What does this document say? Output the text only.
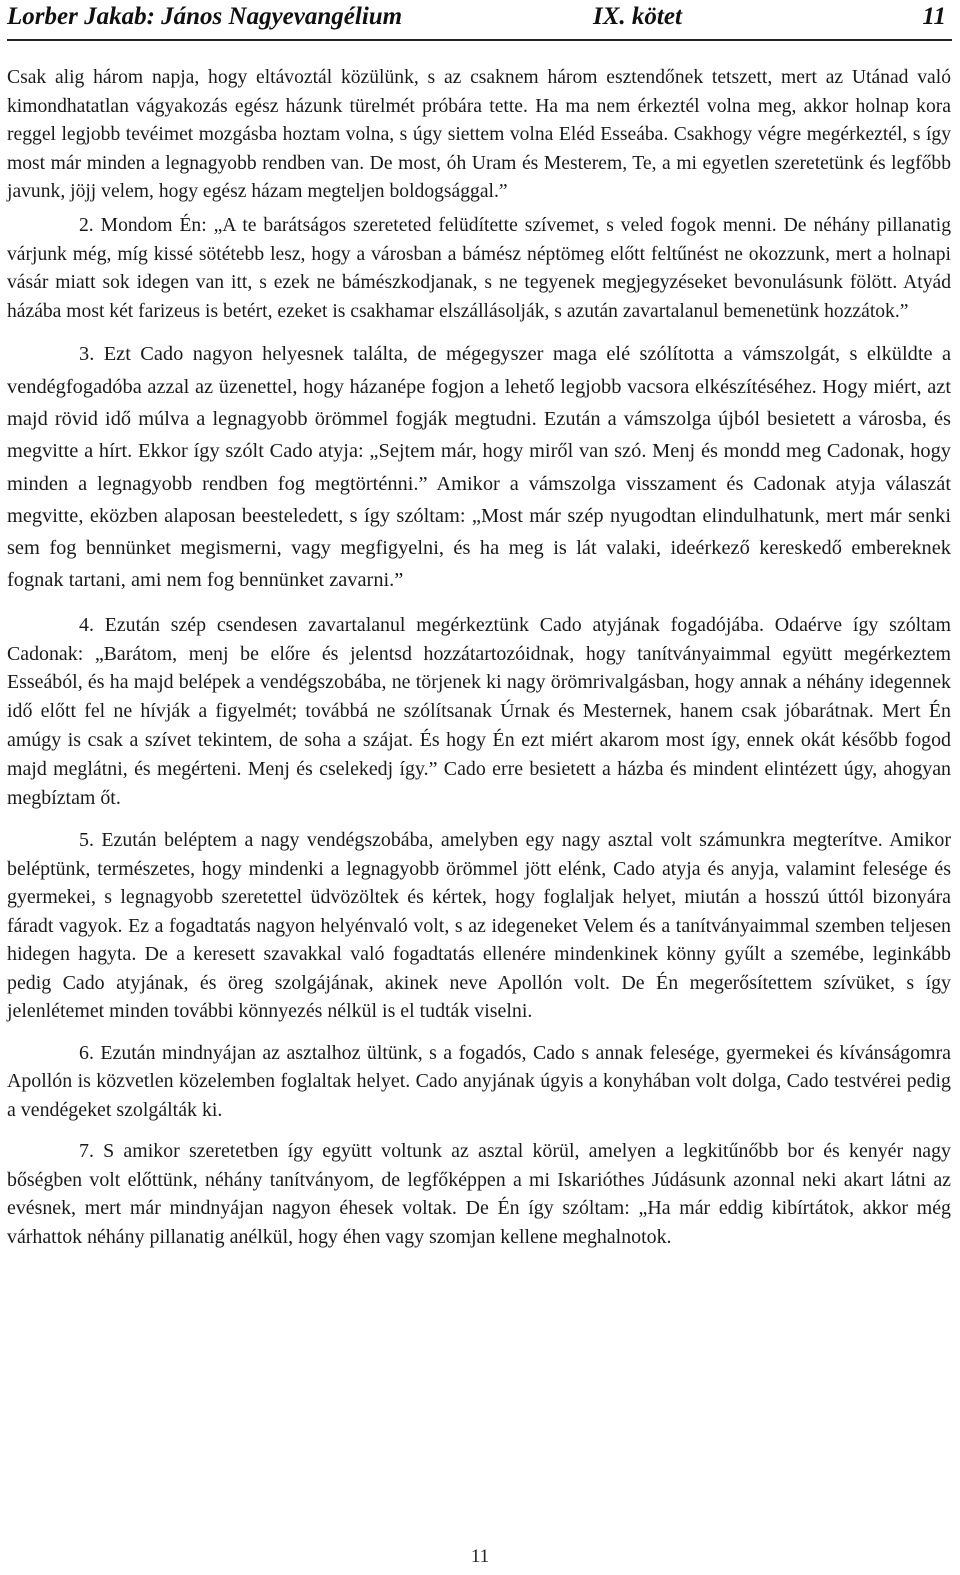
Lorber Jakab: János Nagyevangélium	IX. kötet	11

Csak alig három napja, hogy eltávoztál közülünk, s az csaknem három esztendőnek tetszett, mert az Utánad való kimondhatatlan vágyakozás egész házunk türelmét próbára tette. Ha ma nem érkeztél volna meg, akkor holnap kora reggel legjobb tevéimet mozgásba hoztam volna, s úgy siettem volna Eléd Esseába. Csakhogy végre megérkeztél, s így most már minden a legnagyobb rendben van. De most, óh Uram és Mesterem, Te, a mi egyetlen szeretetünk és legfőbb javunk, jöjj velem, hogy egész házam megteljen boldogsággal.”

2. Mondom Én: „A te barátságos szereteted felüdítette szívemet, s veled fogok menni. De néhány pillanatig várjunk még, míg kissé sötétebb lesz, hogy a városban a bámész néptömeg előtt feltűnést ne okozzunk, mert a holnapi vásár miatt sok idegen van itt, s ezek ne bámészkodjanak, s ne tegyenek megjegyzéseket bevonulásunk fölött. Atyád házába most két farizeus is betért, ezeket is csakhamar elszállásolják, s azután zavartalanul bemenetünk hozzátok.”

3. Ezt Cado nagyon helyesnek találta, de mégegyszer maga elé szólította a vámszolgát, s elküldte a vendégfogadóba azzal az üzenettel, hogy házanépe fogjon a lehető legjobb vacsora elkészítéséhez. Hogy miért, azt majd rövid idő múlva a legnagyobb örömmel fogják megtudni. Ezután a vámszolga újból besietett a városba, és megvitte a hírt. Ekkor így szólt Cado atyja: „Sejtem már, hogy miről van szó. Menj és mondd meg Cadonak, hogy minden a legnagyobb rendben fog megtörténni.” Amikor a vámszolga visszament és Cadonak atyja válaszát megvitte, eközben alaposan beesteledett, s így szóltam: „Most már szép nyugodtan elindulhatunk, mert már senki sem fog bennünket megismerni, vagy megfigyelni, és ha meg is lát valaki, ideérkező kereskedő embereknek fognak tartani, ami nem fog bennünket zavarni.”

4. Ezután szép csendesen zavartalanul megérkeztünk Cado atyjának fogadójába. Odaérve így szóltam Cadonak: „Barátom, menj be előre és jelentsd hozzátartozóidnak, hogy tanítványaimmal együtt megérkeztem Esseából, és ha majd belépek a vendégszobába, ne törjenek ki nagy örömrivalgásban, hogy annak a néhány idegennek idő előtt fel ne hívják a figyelmét; továbbá ne szólítsanak Úrnak és Mesternek, hanem csak jóbarátnak. Mert Én amúgy is csak a szívet tekintem, de soha a szájat. És hogy Én ezt miért akarom most így, ennek okát később fogod majd meglátni, és megérteni. Menj és cselekedj így.” Cado erre besietett a házba és mindent elintézett úgy, ahogyan megbíztam őt.

5. Ezután beléptem a nagy vendégszobába, amelyben egy nagy asztal volt számunkra megterítve. Amikor beléptünk, természetes, hogy mindenki a legnagyobb örömmel jött elénk, Cado atyja és anyja, valamint felesége és gyermekei, s legnagyobb szeretettel üdvözöltek és kértek, hogy foglaljak helyet, miután a hosszú úttól bizonyára fáradt vagyok. Ez a fogadtatás nagyon helyénvaló volt, s az idegeneket Velem és a tanítványaimmal szemben teljesen hidegen hagyta. De a keresett szavakkal való fogadtatás ellenére mindenkinek könny gyűlt a szemébe, leginkább pedig Cado atyjának, és öreg szolgájának, akinek neve Apollón volt. De Én megerősítettem szívüket, s így jelenlétemet minden további könnyezés nélkül is el tudták viselni.

6. Ezután mindnyájan az asztalhoz ültünk, s a fogadós, Cado s annak felesége, gyermekei és kívánságomra Apollón is közvetlen közelemben foglaltak helyet. Cado anyjának úgyis a konyhában volt dolga, Cado testvérei pedig a vendégeket szolgálták ki.

7. S amikor szeretetben így együtt voltunk az asztal körül, amelyen a legkitűnőbb bor és kenyér nagy bőségben volt előttünk, néhány tanítványom, de legfőképpen a mi Iskarióthes Júdásunk azonnal neki akart látni az evésnek, mert már mindnyájan nagyon éhesek voltak. De Én így szóltam: „Ha már eddig kibírtátok, akkor még várhattok néhány pillanatig anélkül, hogy éhen vagy szomjan kellene meghalnotok.

11
